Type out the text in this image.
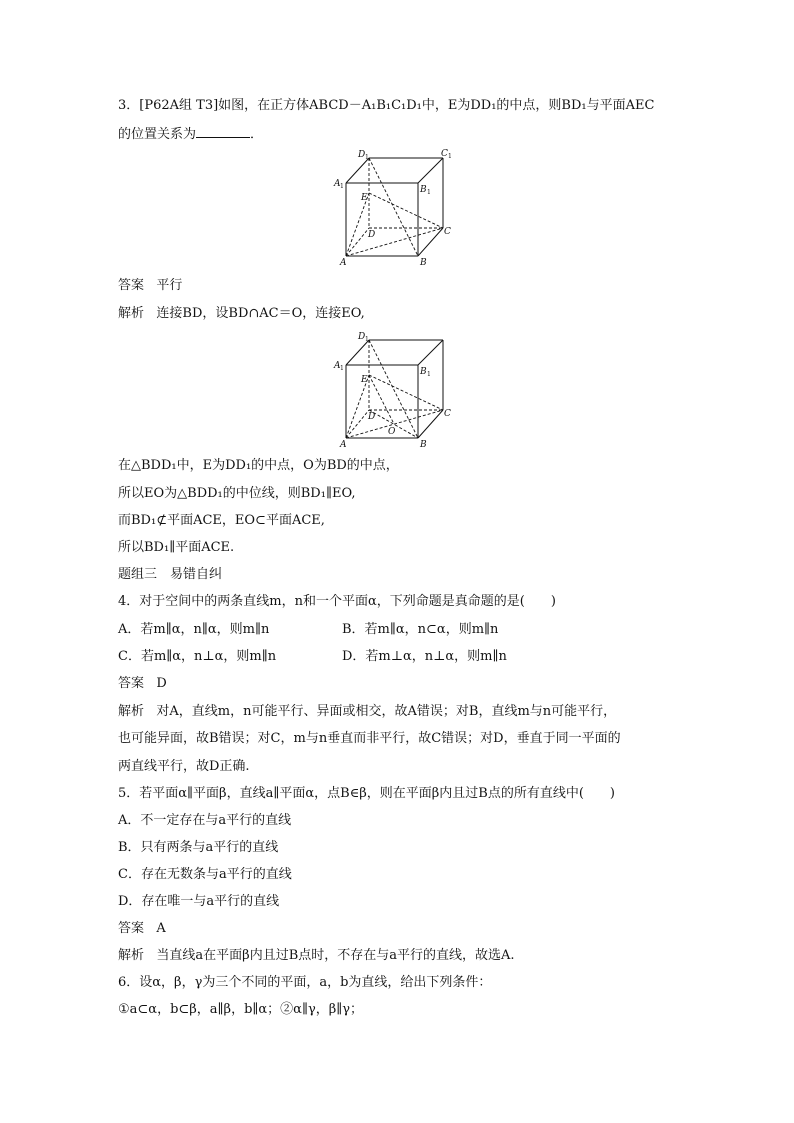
3．[P62A组 T3]如图，在正方体ABCD－A₁B₁C₁D₁中，E为DD₁的中点，则BD₁与平面AEC
的位置关系为	．
D 1	C 1
A 1	B 1
E
D	C
A	B
答案 平行
解析 连接BD，设BD∩AC＝O，连接EO,
D 1
A 1	B 1
E
D	C
O
A	B
在△BDD₁中，E为DD₁的中点，O为BD的中点，
所以EO为△BDD₁的中位线，则BD₁∥EO,
而BD₁⊄平面ACE，EO⊂平面ACE,
所以BD₁∥平面ACE.
题组三　易错自纠
4．对于空间中的两条直线m，n和一个平面α，下列命题是真命题的是(　　)
A．若m∥α，n∥α，则m∥n	B．若m∥α，n⊂α，则m∥n
C．若m∥α，n⊥α，则m∥n	D．若m⊥α，n⊥α，则m∥n
答案 D
解析 对A，直线m，n可能平行、异面或相交，故A错误；对B，直线m与n可能平行，
也可能异面，故B错误；对C，m与n垂直而非平行，故C错误；对D，垂直于同一平面的
两直线平行，故D正确.
5．若平面α∥平面β，直线a∥平面α，点B∈β，则在平面β内且过B点的所有直线中(　　)
A．不一定存在与a平行的直线
B．只有两条与a平行的直线
C．存在无数条与a平行的直线
D．存在唯一与a平行的直线
答案 A
解析 当直线a在平面β内且过B点时，不存在与a平行的直线，故选A.
6．设α，β，γ为三个不同的平面，a，b为直线，给出下列条件：
①a⊂α，b⊂β，a∥β，b∥α；②α∥γ，β∥γ；
